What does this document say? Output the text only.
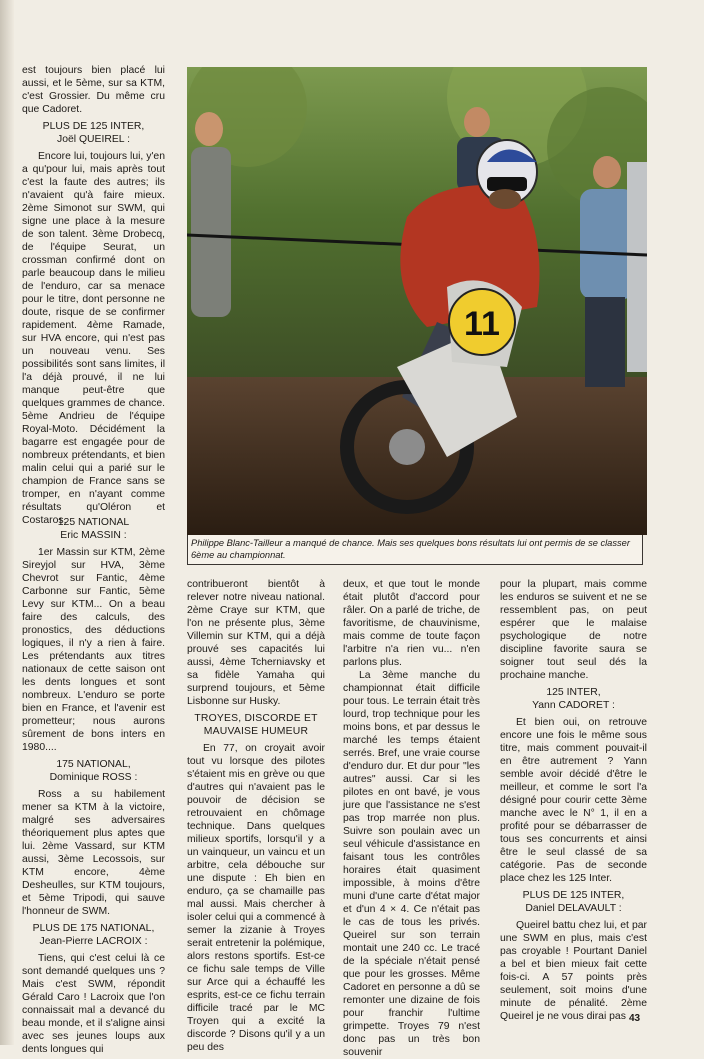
est toujours bien placé lui aussi, et le 5ème, sur sa KTM, c'est Grossier. Du même cru que Cadoret.

PLUS DE 125 INTER,
Joël QUEIREL :

Encore lui, toujours lui, y'en a qu'pour lui, mais après tout c'est la faute des autres; ils n'avaient qu'à faire mieux. 2ème Simonot sur SWM, qui signe une place à la mesure de son talent. 3ème Drobecq, de l'équipe Seurat, un crossman confirmé dont on parle beaucoup dans le milieu de l'enduro, car sa menace pour le titre, dont personne ne doute, risque de se confirmer rapidement. 4ème Ramade, sur HVA encore, qui n'est pas un nouveau venu. Ses possibilités sont sans limites, il l'a déjà prouvé, il ne lui manque peut-être que quelques grammes de chance. 5ème Andrieu de l'équipe Royal-Moto. Décidément la bagarre est engagée pour de nombreux prétendants, et bien malin celui qui a parié sur le champion de France sans se tromper, en n'ayant comme résultats qu'Oléron et Costaros.

125 NATIONAL
Eric MASSIN :

1er Massin sur KTM, 2ème Sireyjol sur HVA, 3ème Chevrot sur Fantic, 4ème Carbonne sur Fantic, 5ème Levy sur KTM... On a beau faire des calculs, des pronostics, des déductions logiques, il n'y a rien à faire. Les prétendants aux titres nationaux de cette saison ont les dents longues et sont nombreux. L'enduro se porte bien en France, et l'avenir est prometteur; nous aurons sûrement de bons inters en 1980....

175 NATIONAL,
Dominique ROSS :

Ross a su habilement mener sa KTM à la victoire, malgré ses adversaires théoriquement plus aptes que lui. 2ème Vassard, sur KTM aussi, 3ème Lecossois, sur KTM encore, 4ème Desheulles, sur KTM toujours, et 5ème Tripodi, qui sauve l'honneur de SWM.

PLUS DE 175 NATIONAL,
Jean-Pierre LACROIX :

Tiens, qui c'est celui là ce sont demandé quelques uns ? Mais c'est SWM, répondit Gérald Caro ! Lacroix que l'on connaissait mal a devancé du beau monde, et il s'aligne ainsi avec ses jeunes loups aux dents longues qui

11
Philippe Blanc-Tailleur a manqué de chance. Mais ses quelques bons résultats lui ont permis de se classer 6ème au championnat.

contribueront bientôt à relever notre niveau national. 2ème Craye sur KTM, que l'on ne présente plus, 3ème Villemin sur KTM, qui a déjà prouvé ses capacités lui aussi, 4ème Tcherniavsky et sa fidèle Yamaha qui surprend toujours, et 5ème Lisbonne sur Husky.

TROYES, DISCORDE ET
MAUVAISE HUMEUR

En 77, on croyait avoir tout vu lorsque des pilotes s'étaient mis en grève ou que d'autres qui n'avaient pas le pouvoir de décision se retrouvaient en chômage technique. Dans quelques milieux sportifs, lorsqu'il y a un vainqueur, un vaincu et un arbitre, cela débouche sur une dispute : Eh bien en enduro, ça se chamaille pas mal aussi. Mais chercher à isoler celui qui a commencé à semer la zizanie à Troyes serait entretenir la polémique, alors restons sportifs. Est-ce ce fichu sale temps de Ville sur Arce qui a échauffé les esprits, est-ce ce fichu terrain difficile tracé par le MC Troyen qui a excité la discorde ? Disons qu'il y a un peu des

deux, et que tout le monde était plutôt d'accord pour râler. On a parlé de triche, de favoritisme, de chauvinisme, mais comme de toute façon l'arbitre n'a rien vu... n'en parlons plus.

La 3ème manche du championnat était difficile pour tous. Le terrain était très lourd, trop technique pour les moins bons, et par dessus le marché les temps étaient serrés. Bref, une vraie course d'enduro dur. Et dur pour "les autres" aussi. Car si les pilotes en ont bavé, je vous jure que l'assistance ne s'est pas trop marrée non plus. Suivre son poulain avec un seul véhicule d'assistance en faisant tous les contrôles horaires était quasiment impossible, à moins d'être muni d'une carte d'état major et d'un 4 × 4. Ce n'était pas le cas de tous les privés. Queirel sur son terrain montait une 240 cc. Le tracé de la spéciale n'était pensé que pour les grosses. Même Cadoret en personne a dû se remonter une dizaine de fois pour franchir l'ultime grimpette. Troyes 79 n'est donc pas un très bon souvenir

pour la plupart, mais comme les enduros se suivent et ne se ressemblent pas, on peut espérer que le malaise psychologique de notre discipline favorite saura se soigner tout seul dés la prochaine manche.

125 INTER,
Yann CADORET :

Et bien oui, on retrouve encore une fois le même sous titre, mais comment pouvait-il en être autrement ? Yann semble avoir décidé d'être le meilleur, et comme le sort l'a désigné pour courir cette 3ème manche avec le N° 1, il en a profité pour se débarrasser de tous ses concurrents et ainsi être le seul classé de sa catégorie. Pas de seconde place chez les 125 Inter.

PLUS DE 125 INTER,
Daniel DELAVAULT :

Queirel battu chez lui, et par une SWM en plus, mais c'est pas croyable ! Pourtant Daniel a bel et bien mieux fait cette fois-ci. A 57 points près seulement, soit moins d'une minute de pénalité. 2ème Queirel je ne vous dirai pas 43
